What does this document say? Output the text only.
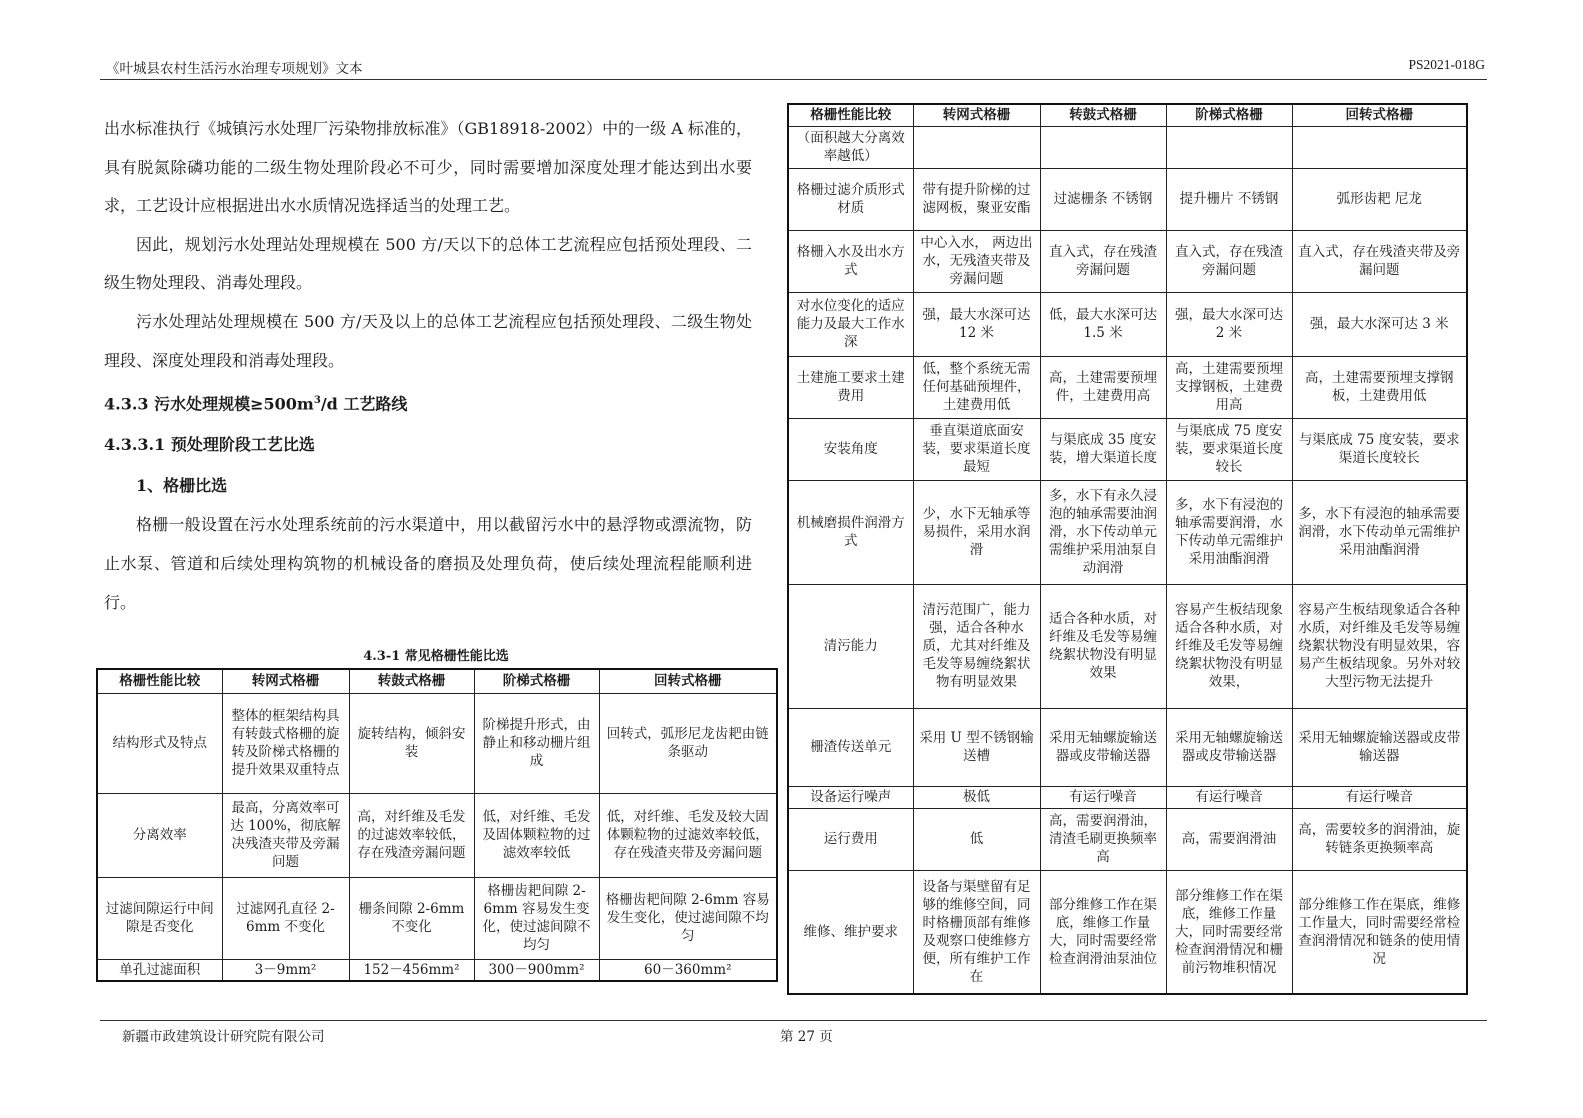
《叶城县农村生活污水治理专项规划》文本	PS2021-018G

出水标准执行《城镇污水处理厂污染物排放标准》（GB18918-2002）中的一级 A 标准的，具有脱氮除磷功能的二级生物处理阶段必不可少，同时需要增加深度处理才能达到出水要求，工艺设计应根据进出水水质情况选择适当的处理工艺。

因此，规划污水处理站处理规模在 500 方/天以下的总体工艺流程应包括预处理段、二级生物处理段、消毒处理段。

污水处理站处理规模在 500 方/天及以上的总体工艺流程应包括预处理段、二级生物处理段、深度处理段和消毒处理段。

4.3.3 污水处理规模$\ge 500m^3/d$ 工艺路线
4.3.3.1 预处理阶段工艺比选
1、格栅比选

格栅一般设置在污水处理系统前的污水渠道中，用以截留污水中的悬浮物或漂流物，防止水泵、管道和后续处理构筑物的机械设备的磨损及处理负荷，使后续处理流程能顺利进行。

4.3-1 常见格栅性能比选
格栅性能比较	转网式格栅	转鼓式格栅	阶梯式格栅	回转式格栅
结构形式及特点	整体的框架结构具有转鼓式格栅的旋转及阶梯式格栅的提升效果双重特点	旋转结构，倾斜安装	阶梯提升形式，由静止和移动栅片组成	回转式，弧形尼龙齿耙由链条驱动
分离效率	最高，分离效率可达 100%，彻底解决残渣夹带及旁漏问题	高，对纤维及毛发的过滤效率较低，存在残渣旁漏问题	低，对纤维、毛发及固体颗粒物的过滤效率较低	低，对纤维、毛发及较大固体颗粒物的过滤效率较低，存在残渣夹带及旁漏问题
过滤间隙运行中间隙是否变化	过滤网孔直径 2-6mm 不变化	栅条间隙 2-6mm 不变化	格栅齿耙间隙 2-6mm 容易发生变化，使过滤间隙不均匀	格栅齿耙间隙 2-6mm 容易发生变化，使过滤间隙不均匀
单孔过滤面积	3－9mm²	152－456mm²	300－900mm²	60－360mm²
格栅性能比较	转网式格栅	转鼓式格栅	阶梯式格栅	回转式格栅
（面积越大分离效率越低）				
格栅过滤介质形式材质	带有提升阶梯的过滤网板，聚亚安酯	过滤栅条 不锈钢	提升栅片 不锈钢	弧形齿耙 尼龙
格栅入水及出水方式	中心入水， 两边出水，无残渣夹带及旁漏问题	直入式，存在残渣旁漏问题	直入式，存在残渣旁漏问题	直入式，存在残渣夹带及旁漏问题
对水位变化的适应能力及最大工作水深	强，最大水深可达 12 米	低，最大水深可达 1.5 米	强，最大水深可达 2 米	强，最大水深可达 3 米
土建施工要求土建费用	低，整个系统无需任何基础预埋件，土建费用低	高，土建需要预埋件，土建费用高	高，土建需要预埋支撑钢板，土建费用高	高，土建需要预埋支撑钢板，土建费用低
安装角度	垂直渠道底面安装，要求渠道长度最短	与渠底成 35 度安装，增大渠道长度	与渠底成 75 度安装，要求渠道长度较长	与渠底成 75 度安装，要求渠道长度较长
机械磨损件润滑方式	少，水下无轴承等易损件，采用水润滑	多，水下有永久浸泡的轴承需要油润滑，水下传动单元需维护采用油泵自动润滑	多，水下有浸泡的轴承需要润滑，水下传动单元需维护 采用油酯润滑	多，水下有浸泡的轴承需要润滑，水下传动单元需维护采用油酯润滑
清污能力	清污范围广，能力强，适合各种水质，尤其对纤维及毛发等易缠绕絮状物有明显效果	适合各种水质，对纤维及毛发等易缠绕絮状物没有明显效果	容易产生板结现象适合各种水质，对纤维及毛发等易缠绕絮状物没有明显效果，	容易产生板结现象适合各种水质，对纤维及毛发等易缠绕絮状物没有明显效果，容易产生板结现象。另外对较大型污物无法提升
栅渣传送单元	采用 U 型不锈钢输送槽	采用无轴螺旋输送器或皮带输送器	采用无轴螺旋输送器或皮带输送器	采用无轴螺旋输送器或皮带输送器
设备运行噪声	极低	有运行噪音	有运行噪音	有运行噪音
运行费用	低	高，需要润滑油，清渣毛刷更换频率高	高，需要润滑油	高，需要较多的润滑油，旋转链条更换频率高
维修、维护要求	设备与渠壁留有足够的维修空间，同时格栅顶部有维修及观察口使维修方便，所有维护工作在	部分维修工作在渠底，维修工作量大，同时需要经常检查润滑油泵油位	部分维修工作在渠底，维修工作量大，同时需要经常检查润滑情况和栅前污物堆积情况	部分维修工作在渠底，维修工作量大，同时需要经常检查润滑情况和链条的使用情况
新疆市政建筑设计研究院有限公司	第 27 页
